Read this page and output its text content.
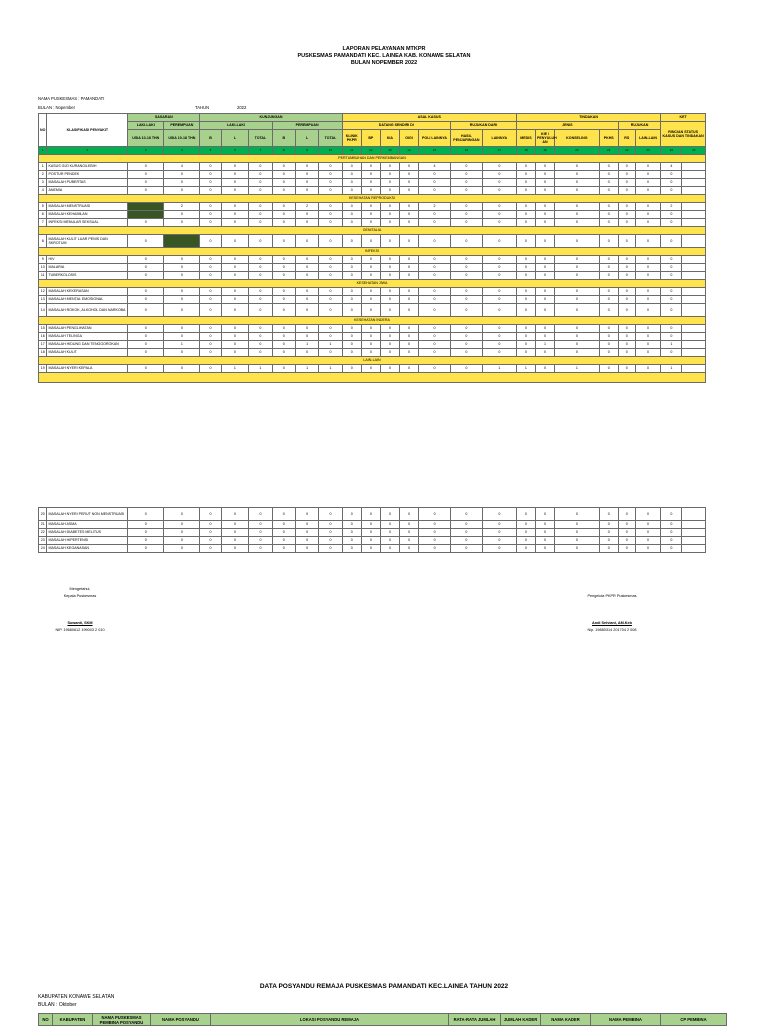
LAPORAN PELAYANAN MTKPR
PUSKESMAS PAMANDATI KEC. LAINEA KAB. KONAWE SELATAN
BULAN NOPEMBER 2022
NAMA PUSKESMAS : PAMANDATI
BULAN : Nopember	TAHUN	2022
NO	KLASIFIKASI PENYAKIT	SASARAN		KUNJUNGAN						ASAL KASUS							TINDAKAN						KET	
		LAKI-LAKI	PEREMPUAN	LAKI-LAKI			PEREMPUAN			DATANG SENDIRI DI					RUJUKAN DARI		JENIS				RUJUKAN		RINCIAN STATUS KASUS DAN TINDAKAN	
		USIA 10-18 THN	USIA 10-18 THN	B	L	TOTAL	B	L	TOTAL	KLINIK PKPR	BP	KIA	GIGI	POLI LAINNYA	HASIL PENJARINGAN	LAINNYA	MEDIS	KIE / PENYULUH AN	KONSELING	PKHS	RS	LAIN-LAIN		
1	2	3	4	5	6	7	8	9	10	11	12	13	14	15	16	17	18	19	20	21	22	23	24	25
PERTUMBUHAN DAN PERKEMBANGAN																								
1	KASUS GIZI KURANG/LEBIH	0	4	0	0	0	0	0	0	0	0	0	0	4	0	0	0	0	0	0	0	0	4	
2	POSTUR PENDEK	0	0	0	0	0	0	0	0	0	0	0	0	0	0	0	0	0	0	0	0	0	0	
3	MASALAH PUBERTAS	0	0	0	0	0	0	0	0	0	0	0	0	0	0	0	0	0	0	0	0	0	0	
4	ANEMIA	0	0	0	0	0	0	0	0	0	0	0	0	0	0	0	0	0	0	0	0	0	0	
KESEHATAN REPRODUKSI																								
5	MASALAH MENSTRUASI		2	0	0	0	0	2	0	0	0	0	0	2	0	0	0	0	0	0	0	0	2	
6	MASALAH KEHAMILAN		0	0	0	0	0	0	0	0	0	0	0	0	0	0	0	0	0	0	0	0	0	
7	INFEKSI MENULAR SEKSUAL	0	0	0	0	0	0	0	0	0	0	0	0	0	0	0	0	0	0	0	0	0	0	
GENITALIA																								
8	MASALAH KULIT LUAR PENIS DAN SKROTUM	0		0	0	0	0	0	0	0	0	0	0	0	0	0	0	0	0	0	0	0	0	
INFEKSI																								
9	HIV	0	0	0	0	0	0	0	0	0	0	0	0	0	0	0	0	0	0	0	0	0	0	
10	MALARIA	0	0	0	0	0	0	0	0	0	0	0	0	0	0	0	0	0	0	0	0	0	0	
11	TUBERKOLOSIS	0	0	0	0	0	0	0	0	0	0	0	0	0	0	0	0	0	0	0	0	0	0	
KESEHATAN JIWA																								
12	MASALAH KEKERASAN	0	0	0	0	0	0	0	0	0	0	0	0	0	0	0	0	0	0	0	0	0	0	
13	MASALAH MENTAL EMOSIONAL	0	0	0	0	0	0	0	0	0	0	0	0	0	0	0	0	0	0	0	0	0	0	
14	MASALAH ROKOK, ALKOHOL DAN NARKOBA	0	0	0	0	0	0	0	0	0	0	0	0	0	0	0	0	0	0	0	0	0	0	
KESEHATAN INDERA																								
15	MASALAH PENGLIHATAN	0	0	0	0	0	0	0	0	0	0	0	0	0	0	0	0	0	0	0	0	0	0	
16	MASALAH TELINGA	0	0	0	0	0	0	0	0	0	0	0	0	0	0	0	0	0	0	0	0	0	0	
17	MASALAH HIDUNG DAN TENGGOROKAN	0	1	0	0	0	0	1	1	0	0	0	0	0	0	0	0	1	0	0	0	0	1	
18	MASALAH KULIT	0	0	0	0	0	0	0	0	0	0	0	0	0	0	0	0	0	0	0	0	0	0	
LAIN-LAIN																								
19	MASALAH NYERI KEPALA	0	0	0	1	1	0	1	1	0	0	0	0	0	0	1	1	0	1	0	0	0	1	

20	MASALAH NYERI PERUT NON MENSTRUASI	0	0	0	0	0	0	0	0	0	0	0	0	0	0	0	0	0	0	0	0	0	0	
21	MASALAH ASMA	0	0	0	0	0	0	0	0	0	0	0	0	0	0	0	0	0	0	0	0	0	0	
22	MASALAH DIABETES MELITUS	0	0	0	0	0	0	0	0	0	0	0	0	0	0	0	0	0	0	0	0	0	0	
23	MASALAH HIPERTENSI	0	0	0	0	0	0	0	0	0	0	0	0	0	0	0	0	0	0	0	0	0	0	
24	MASALAH KEGANASAN	0	0	0	0	0	0	0	0	0	0	0	0	0	0	0	0	0	0	0	0	0	0	
Mengetahui,
Kepala Puskesmas
Suwanti, SKM
NIP. 19680612 199003 2 010
Pengelola PKPR Puskesmas
Andi Selviani, AM.Keb
Nip. 19880314 201704 2 008
DATA POSYANDU REMAJA PUSKESMAS PAMANDATI KEC.LAINEA TAHUN 2022
KABUPATEN KONAWE SELATAN
BULAN : Oktober
NO	KABUPATEN	NAMA PUSKESMAS PEMBINA POSYANDU	NAMA POSYANDU	LOKASI POSYANDU REMAJA	RATA-RATA JUMLAH	JUMLAH KADER	NAMA KADER	NAMA PEMBINA	CP PEMBINA
